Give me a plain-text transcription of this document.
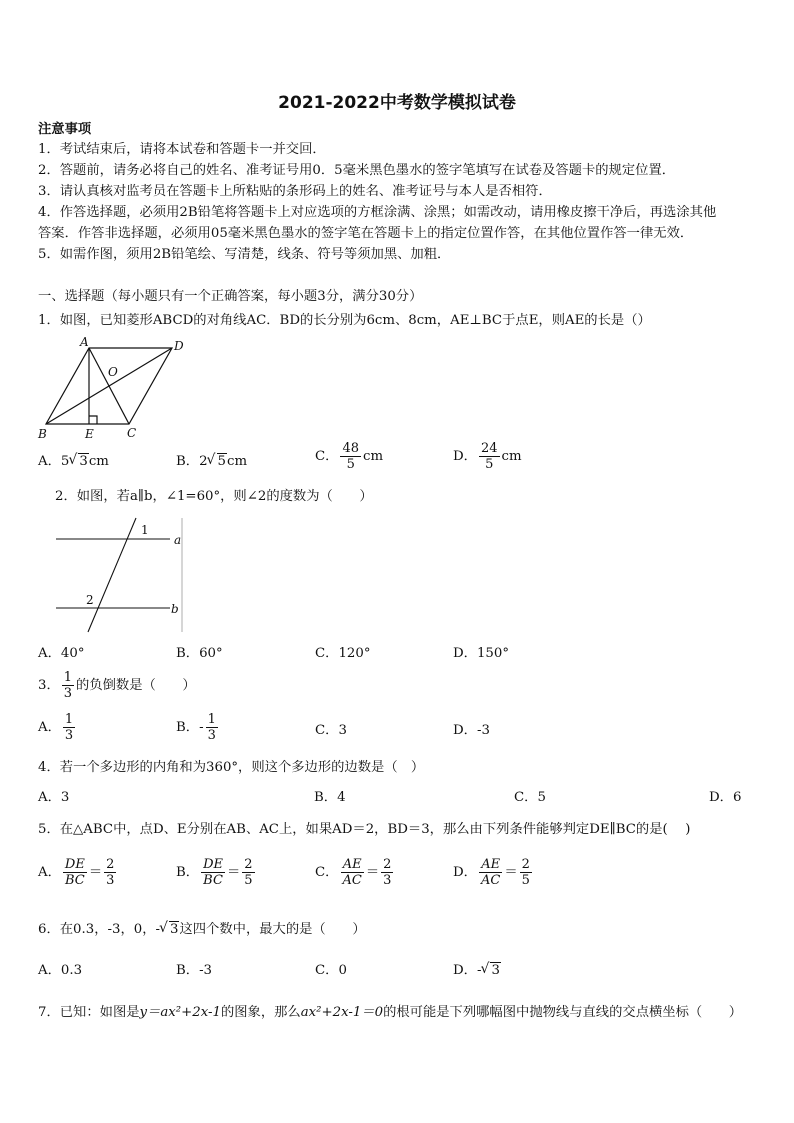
2021-2022中考数学模拟试卷
注意事项
1．考试结束后，请将本试卷和答题卡一并交回．
2．答题前，请务必将自己的姓名、准考证号用0．5毫米黑色墨水的签字笔填写在试卷及答题卡的规定位置．
3．请认真核对监考员在答题卡上所粘贴的条形码上的姓名、准考证号与本人是否相符．
4．作答选择题，必须用2B铅笔将答题卡上对应选项的方框涂满、涂黑；如需改动，请用橡皮擦干净后，再选涂其他
答案．作答非选择题，必须用05毫米黑色墨水的签字笔在答题卡上的指定位置作答，在其他位置作答一律无效．
5．如需作图，须用2B铅笔绘、写清楚，线条、符号等须加黑、加粗．
一、选择题（每小题只有一个正确答案，每小题3分，满分30分）
1．如图，已知菱形ABCD的对角线AC．BD的长分别为6cm、8cm，AE⊥BC于点E，则AE的长是（）
A	D
O
B	E	C
A．5 √ 3cm	B．2 √ 5cm	C． $\frac{48}{5}$ cm	D． $\frac{24}{5}$ cm
2．如图，若a∥b，∠1=60°，则∠2的度数为（　　）
1
2
a
b
A．40°	B．60°	C．120°	D．150°
3． $\frac{1}{3}$ 的负倒数是（　　）
A． $\frac{1}{3}$	B．- $\frac{1}{3}$	C．3	D．-3
4．若一个多边形的内角和为360°，则这个多边形的边数是（　）
A．3	B．4	C．5	D．6
5．在△ABC中，点D、E分别在AB、AC上，如果AD＝2，BD＝3，那么由下列条件能够判定DE∥BC的是(　 )
A． $\frac{DE}{BC} = \frac{2}{3}$	B． $\frac{DE}{BC} = \frac{2}{5}$	C． $\frac{AE}{AC} = \frac{2}{3}$	D． $\frac{AE}{AC} = \frac{2}{5}$
6．在0.3，-3，0，- √ 3这四个数中，最大的是（　　）
A．0.3	B．-3	C．0	D．- √ 3
7．已知：如图是y＝ax²+2x-1的图象，那么ax²+2x-1＝0的根可能是下列哪幅图中抛物线与直线的交点横坐标（　　）
